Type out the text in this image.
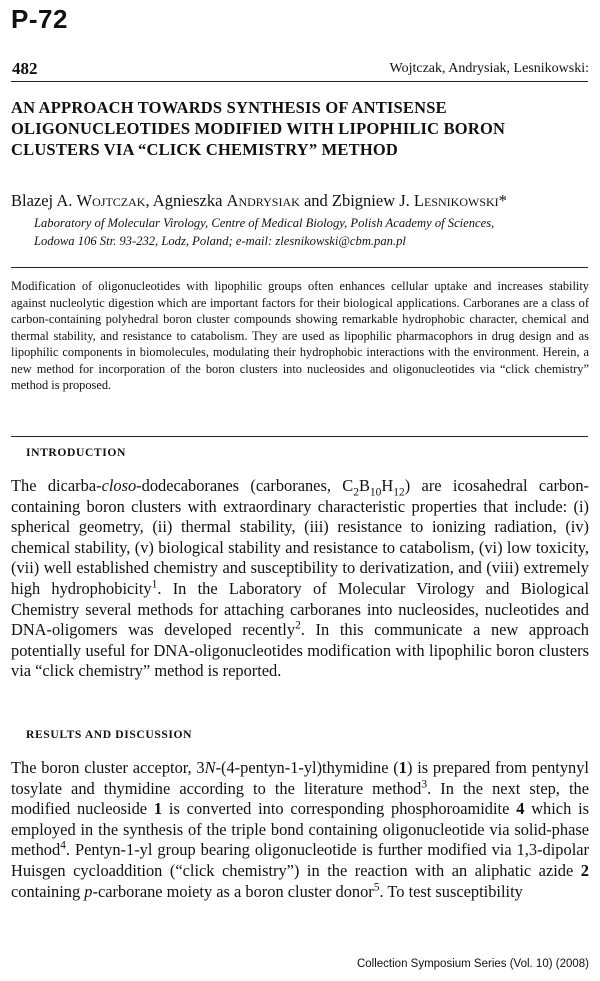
P-72
482	Wojtczak, Andrysiak, Lesnikowski:
AN APPROACH TOWARDS SYNTHESIS OF ANTISENSE
OLIGONUCLEOTIDES MODIFIED WITH LIPOPHILIC BORON
CLUSTERS VIA “CLICK CHEMISTRY” METHOD
Blazej A. Wojtczak, Agnieszka Andrysiak and Zbigniew J. Lesnikowski*
Laboratory of Molecular Virology, Centre of Medical Biology, Polish Academy of Sciences,
Lodowa 106 Str. 93-232, Lodz, Poland; e-mail: zlesnikowski@cbm.pan.pl
Modification of oligonucleotides with lipophilic groups often enhances cellular uptake and increases stability against nucleolytic digestion which are important factors for their biological applications. Carboranes are a class of carbon-containing polyhedral boron cluster compounds showing remarkable hydrophobic character, chemical and thermal stability, and resistance to catabolism. They are used as lipophilic pharmacophors in drug design and as lipophilic components in biomolecules, modulating their hydrophobic interactions with the environment. Herein, a new method for incorporation of the boron clusters into nucleosides and oligonucleotides via “click chemistry” method is proposed.
INTRODUCTION
The dicarba-closo-dodecaboranes (carboranes, $C_2B_{10}H_{12}$) are icosahedral carbon-containing boron clusters with extraordinary characteristic properties that include: (i) spherical geometry, (ii) thermal stability, (iii) resistance to ionizing radiation, (iv) chemical stability, (v) biological stability and resistance to catabolism, (vi) low toxicity, (vii) well established chemistry and susceptibility to derivatization, and (viii) extremely high hydrophobicity$^1$. In the Laboratory of Molecular Virology and Biological Chemistry several methods for attaching carboranes into nucleosides, nucleotides and DNA-oligomers was developed recently$^2$. In this communicate a new approach potentially useful for DNA-oligonucleotides modification with lipophilic boron clusters via “click chemistry” method is reported.
RESULTS AND DISCUSSION
The boron cluster acceptor, 3N-(4-pentyn-1-yl)thymidine (1) is prepared from pentynyl tosylate and thymidine according to the literature method$^3$. In the next step, the modified nucleoside 1 is converted into corresponding phosphoroamidite 4 which is employed in the synthesis of the triple bond containing oligonucleotide via solid-phase method$^4$. Pentyn-1-yl group bearing oligonucleotide is further modified via 1,3-dipolar Huisgen cycloaddition (“click chemistry”) in the reaction with an aliphatic azide 2 containing p-carborane moiety as a boron cluster donor$^5$. To test susceptibility
Collection Symposium Series (Vol. 10) (2008)
